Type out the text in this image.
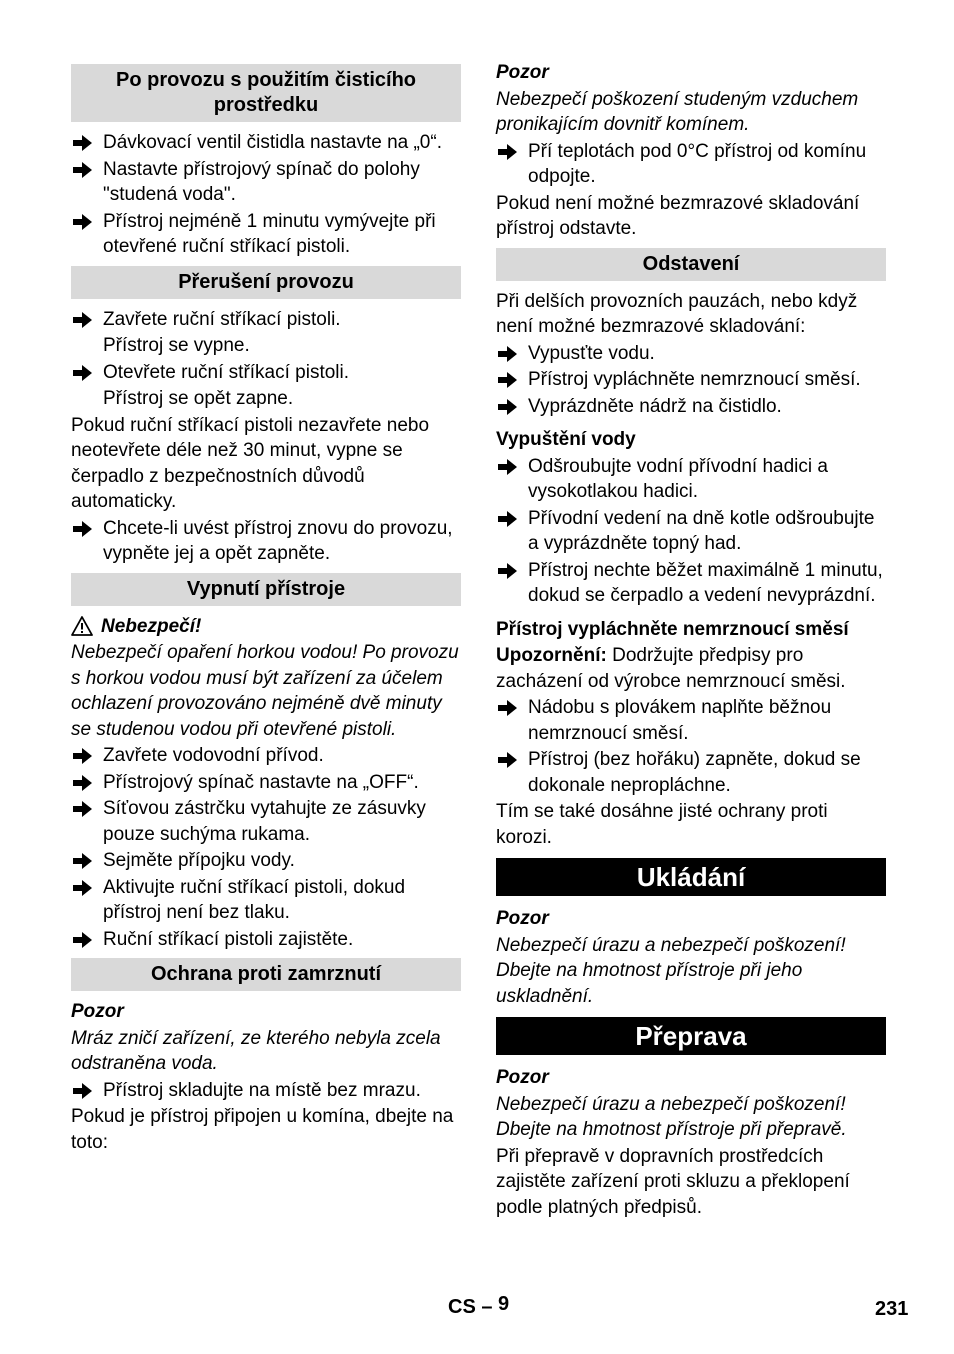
Po provozu s použitím čisticího prostředku
Dávkovací ventil čistidla nastavte na „0“.
Nastavte přístrojový spínač do polohy "studená voda".
Přístroj nejméně 1 minutu vymývejte při otevřené ruční stříkací pistoli.
Přerušení provozu
Zavřete ruční stříkací pistoli.
Přístroj se vypne.
Otevřete ruční stříkací pistoli.
Přístroj se opět zapne.
Pokud ruční stříkací pistoli nezavřete nebo neotevřete déle než 30 minut, vypne se čerpadlo z bezpečnostních důvodů automaticky.
Chcete-li uvést přístroj znovu do provozu, vypněte jej a opět zapněte.
Vypnutí přístroje
Nebezpečí!
Nebezpečí opaření horkou vodou! Po provozu s horkou vodou musí být zařízení za účelem ochlazení provozováno nejméně dvě minuty se studenou vodou při otevřené pistoli.
Zavřete vodovodní přívod.
Přístrojový spínač nastavte na „OFF“.
Síťovou zástrčku vytahujte ze zásuvky pouze suchýma rukama.
Sejměte přípojku vody.
Aktivujte ruční stříkací pistoli, dokud přístroj není bez tlaku.
Ruční stříkací pistoli zajistěte.
Ochrana proti zamrznutí
Pozor
Mráz zničí zařízení, ze kterého nebyla zcela odstraněna voda.
Přístroj skladujte na místě bez mrazu.
Pokud je přístroj připojen u komína, dbejte na toto:
Pozor
Nebezpečí poškození studeným vzduchem pronikajícím dovnitř komínem.
Pří teplotách pod 0°C přístroj od komínu odpojte.
Pokud není možné bezmrazové skladování přístroj odstavte.
Odstavení
Při delších provozních pauzách, nebo když není možné bezmrazové skladování:
Vypusťte vodu.
Přístroj vypláchněte nemrznoucí směsí.
Vyprázdněte nádrž na čistidlo.
Vypuštění vody
Odšroubujte vodní přívodní hadici a vysokotlakou hadici.
Přívodní vedení na dně kotle odšroubujte a vyprázdněte topný had.
Přístroj nechte běžet maximálně 1 minutu, dokud se čerpadlo a vedení nevyprázdní.
Přístroj vypláchněte nemrznoucí směsí
Upozornění: Dodržujte předpisy pro zacházení od výrobce nemrznoucí směsi.
Nádobu s plovákem naplňte běžnou nemrznoucí směsí.
Přístroj (bez hořáku) zapněte, dokud se dokonale nepropláchne.
Tím se také dosáhne jisté ochrany proti korozi.
Ukládání
Pozor
Nebezpečí úrazu a nebezpečí poškození! Dbejte na hmotnost přístroje při jeho uskladnění.
Přeprava
Pozor
Nebezpečí úrazu a nebezpečí poškození! Dbejte na hmotnost přístroje při přepravě.
Při přepravě v dopravních prostředcích zajistěte zařízení proti skluzu a překlopení podle platných předpisů.
CS – 9	231
